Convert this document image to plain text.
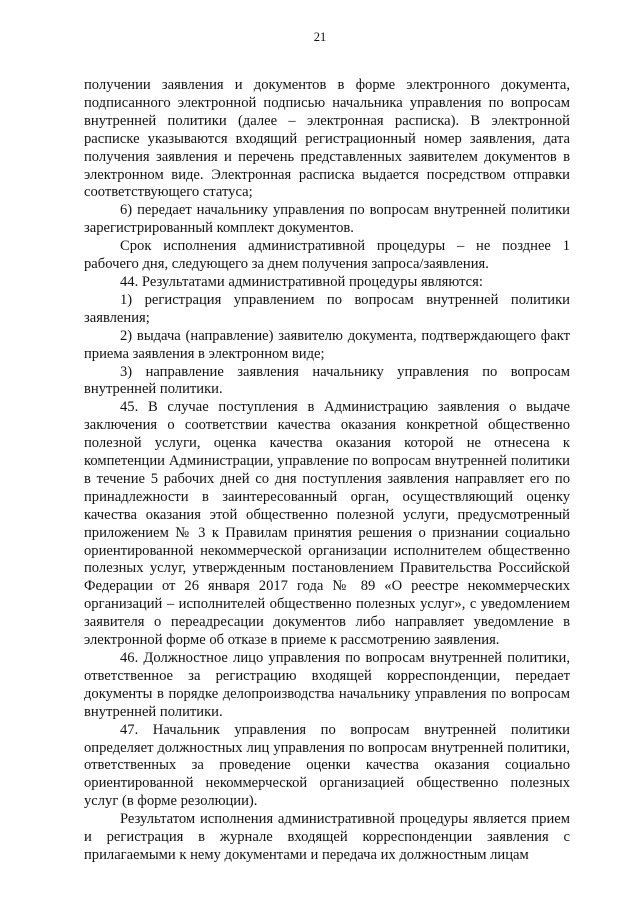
21

получении заявления и документов в форме электронного документа, подписанного электронной подписью начальника управления по вопросам внутренней политики (далее – электронная расписка). В электронной расписке указываются входящий регистрационный номер заявления, дата получения заявления и перечень представленных заявителем документов в электронном виде. Электронная расписка выдается посредством отправки соответствующего статуса;

6) передает начальнику управления по вопросам внутренней политики зарегистрированный комплект документов.

Срок исполнения административной процедуры – не позднее 1 рабочего дня, следующего за днем получения запроса/заявления.

44. Результатами административной процедуры являются:

1) регистрация управлением по вопросам внутренней политики заявления;

2) выдача (направление) заявителю документа, подтверждающего факт приема заявления в электронном виде;

3) направление заявления начальнику управления по вопросам внутренней политики.

45. В случае поступления в Администрацию заявления о выдаче заключения о соответствии качества оказания конкретной общественно полезной услуги, оценка качества оказания которой не отнесена к компетенции Администрации, управление по вопросам внутренней политики в течение 5 рабочих дней со дня поступления заявления направляет его по принадлежности в заинтересованный орган, осуществляющий оценку качества оказания этой общественно полезной услуги, предусмотренный приложением № 3 к Правилам принятия решения о признании социально ориентированной некоммерческой организации исполнителем общественно полезных услуг, утвержденным постановлением Правительства Российской Федерации от 26 января 2017 года № 89 «О реестре некоммерческих организаций – исполнителей общественно полезных услуг», с уведомлением заявителя о переадресации документов либо направляет уведомление в электронной форме об отказе в приеме к рассмотрению заявления.

46. Должностное лицо управления по вопросам внутренней политики, ответственное за регистрацию входящей корреспонденции, передает документы в порядке делопроизводства начальнику управления по вопросам внутренней политики.

47. Начальник управления по вопросам внутренней политики определяет должностных лиц управления по вопросам внутренней политики, ответственных за проведение оценки качества оказания социально ориентированной некоммерческой организацией общественно полезных услуг (в форме резолюции).

Результатом исполнения административной процедуры является прием и регистрация в журнале входящей корреспонденции заявления с прилагаемыми к нему документами и передача их должностным лицам
